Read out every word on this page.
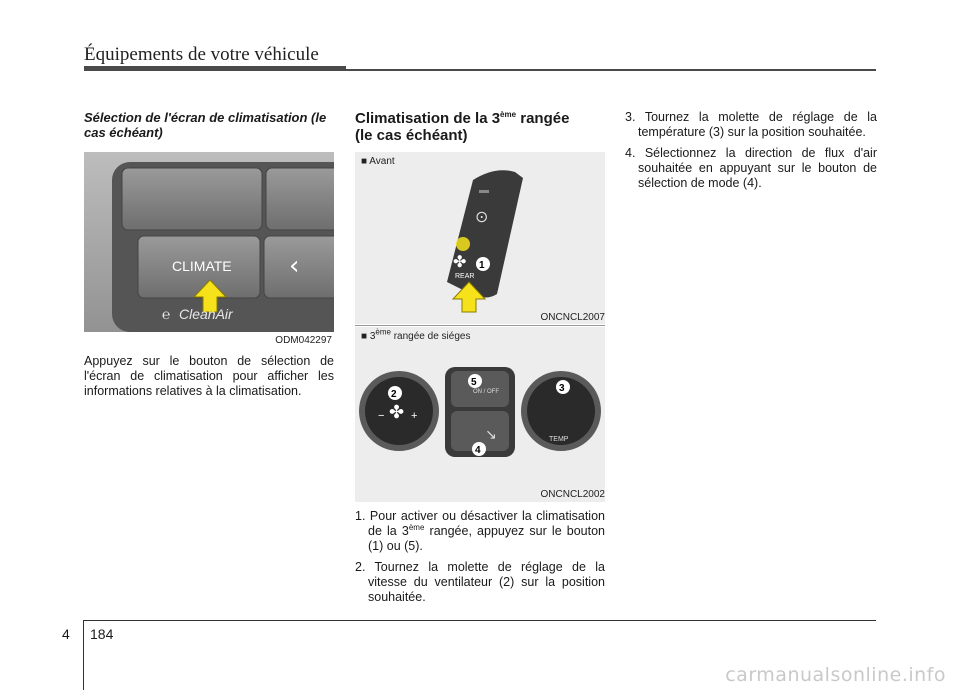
Équipements de votre véhicule
Sélection de l'écran de climatisation (le cas échéant)
‹
CLIMATE
CleanAir
℮
ODM042297
Appuyez sur le bouton de sélection de l'écran de climatisation pour afficher les informations relatives à la climatisation.
Climatisation de la 3ème rangée
(le cas échéant)
■ Avant
⊙
✤
REAR
1
ONCNCL2007
■ 3ème rangée de siéges
✤
− +
2	ON / OFF
↘
5
4
TEMP
3
ONCNCL2002

1. Pour activer ou désactiver la climatisation de la 3ème rangée, appuyez sur le bouton (1) ou (5).

2. Tournez la molette de réglage de la vitesse du ventilateur (2) sur la position souhaitée.

3. Tournez la molette de réglage de la température (3) sur la position souhaitée.

4. Sélectionnez la direction de flux d'air souhaitée en appuyant sur le bouton de sélection de mode (4).

4 184
carmanualsonline.info
